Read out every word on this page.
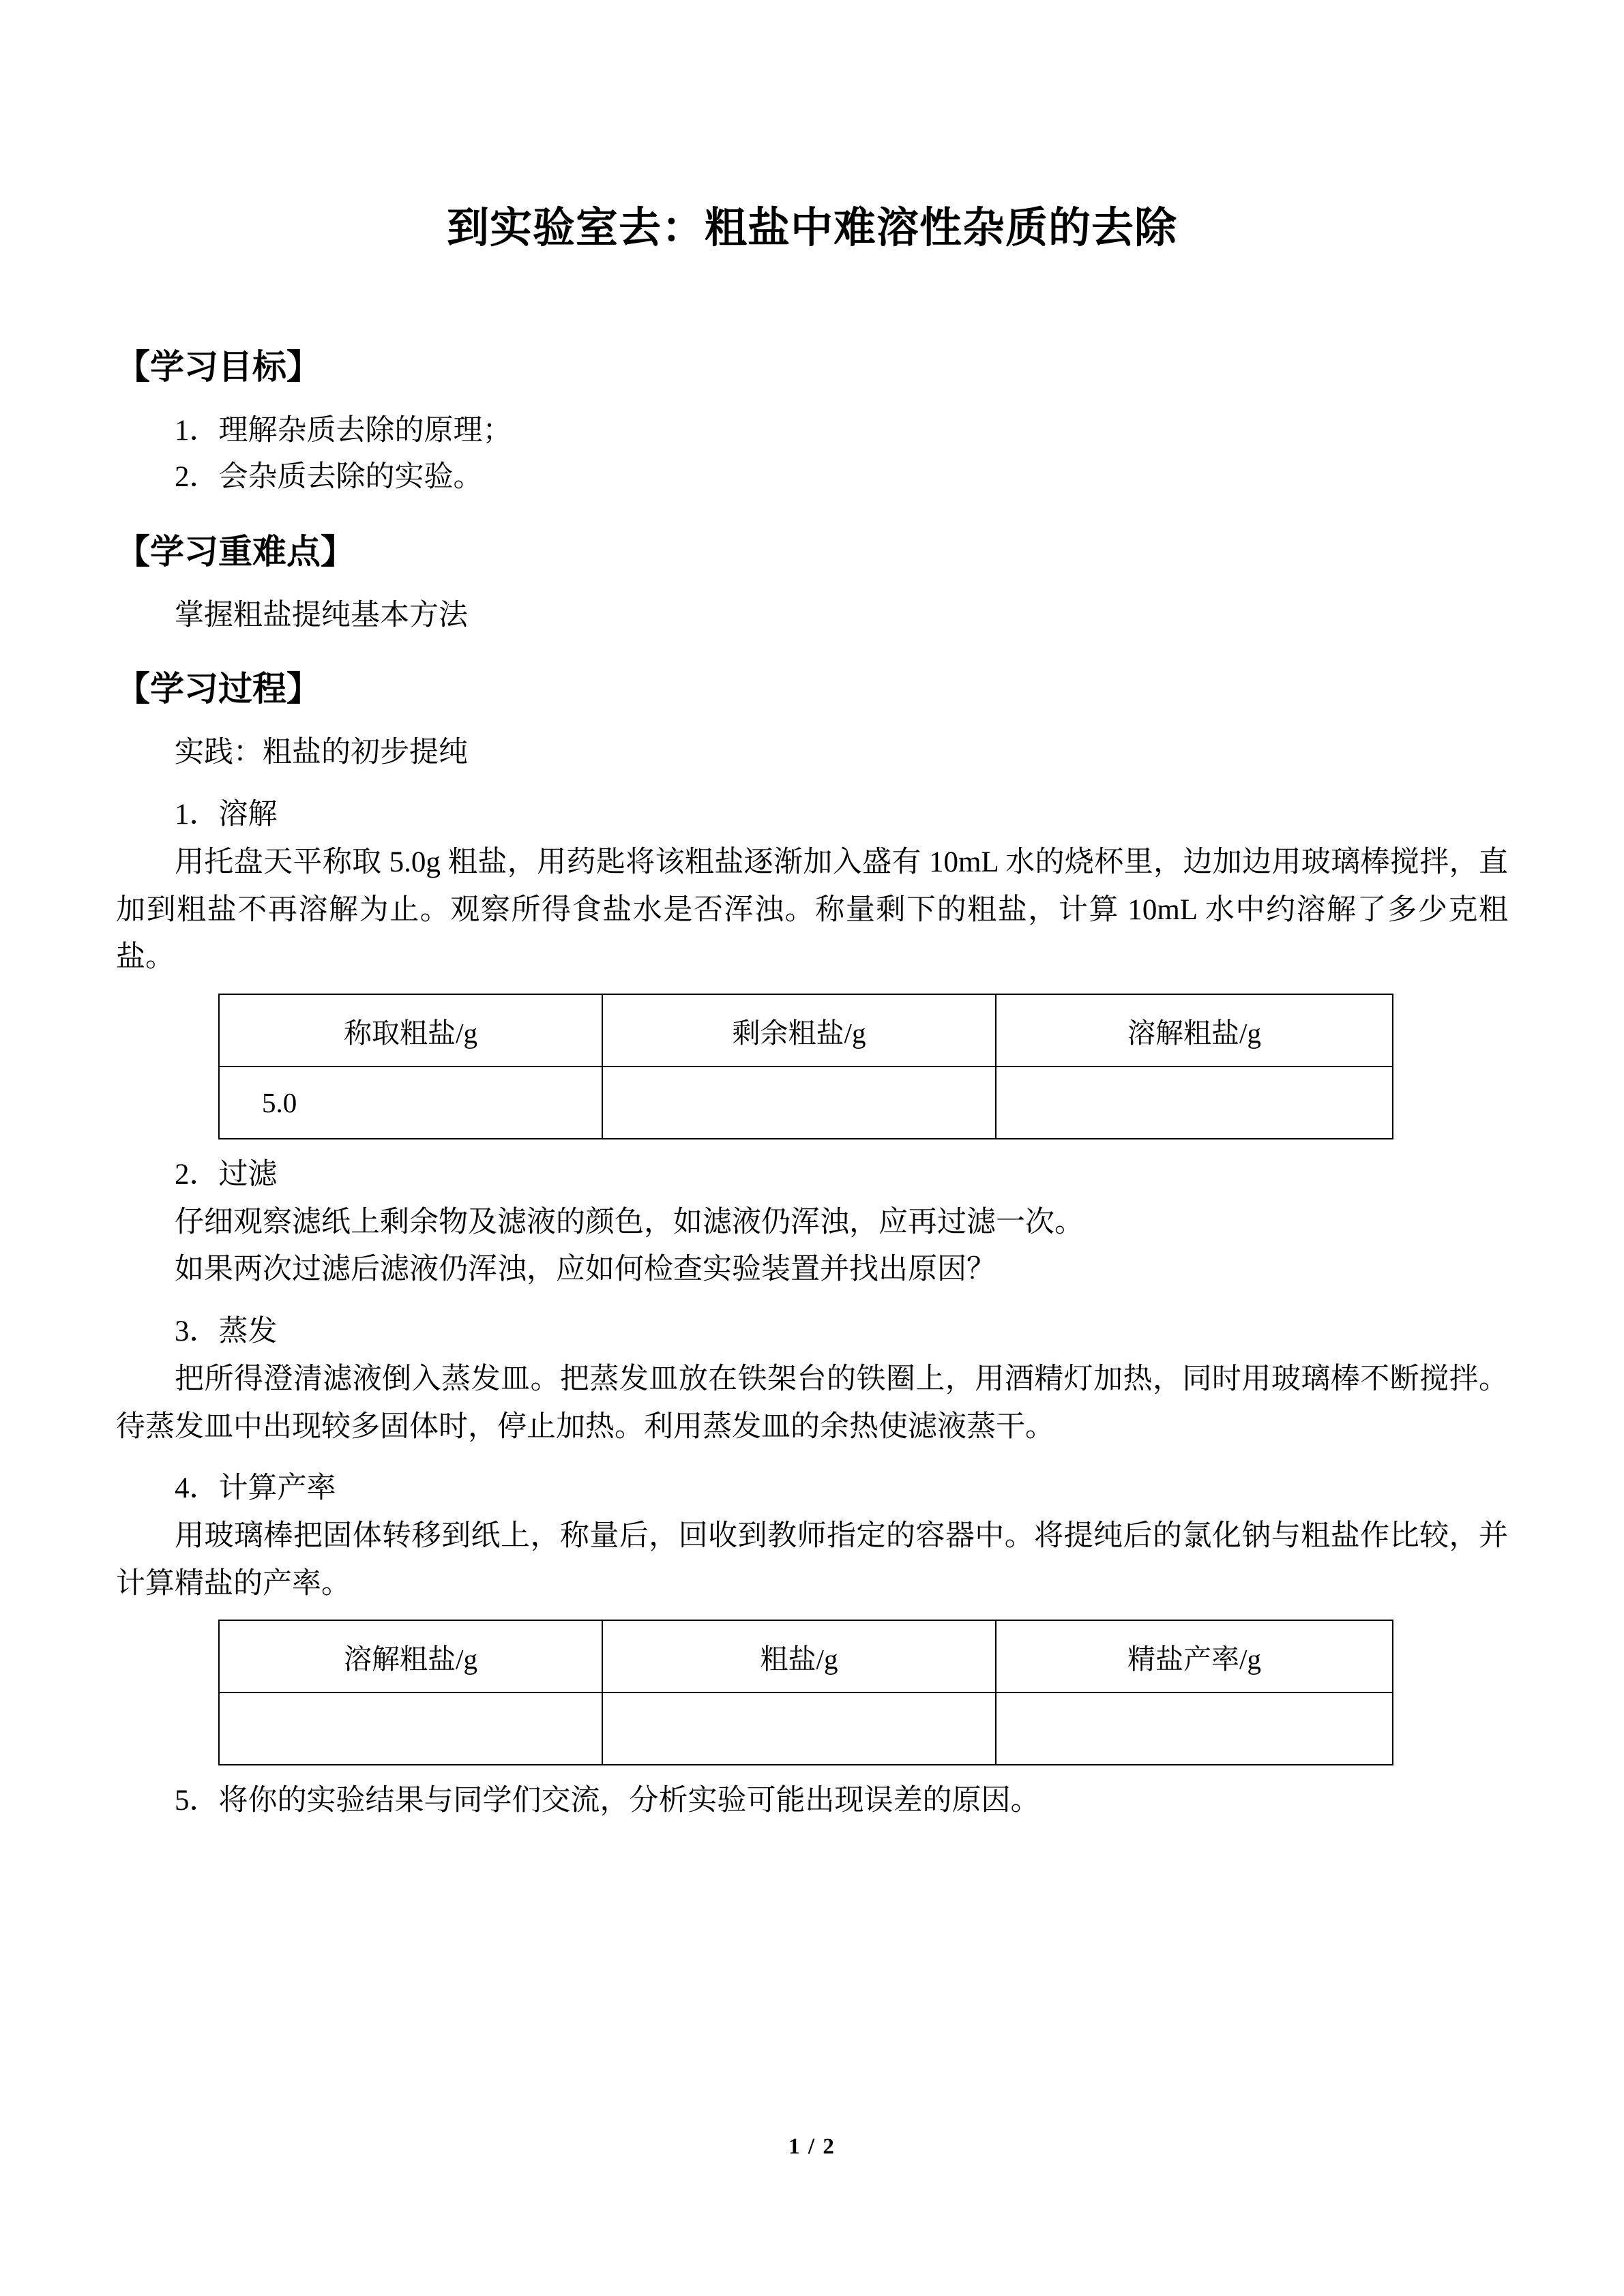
到实验室去：粗盐中难溶性杂质的去除
【学习目标】

1．理解杂质去除的原理；

2．会杂质去除的实验。

【学习重难点】

掌握粗盐提纯基本方法

【学习过程】

实践：粗盐的初步提纯

1．溶解

用托盘天平称取 5.0g 粗盐，用药匙将该粗盐逐渐加入盛有 10mL 水的烧杯里，边加边用玻璃棒搅拌，直加到粗盐不再溶解为止。观察所得食盐水是否浑浊。称量剩下的粗盐，计算 10mL 水中约溶解了多少克粗盐。

称取粗盐/g	剩余粗盐/g	溶解粗盐/g
5.0		

2．过滤

仔细观察滤纸上剩余物及滤液的颜色，如滤液仍浑浊，应再过滤一次。

如果两次过滤后滤液仍浑浊，应如何检查实验装置并找出原因？

3．蒸发

把所得澄清滤液倒入蒸发皿。把蒸发皿放在铁架台的铁圈上，用酒精灯加热，同时用玻璃棒不断搅拌。待蒸发皿中出现较多固体时，停止加热。利用蒸发皿的余热使滤液蒸干。

4．计算产率

用玻璃棒把固体转移到纸上，称量后，回收到教师指定的容器中。将提纯后的氯化钠与粗盐作比较，并计算精盐的产率。

溶解粗盐/g	粗盐/g	精盐产率/g

5．将你的实验结果与同学们交流，分析实验可能出现误差的原因。

1 / 2
